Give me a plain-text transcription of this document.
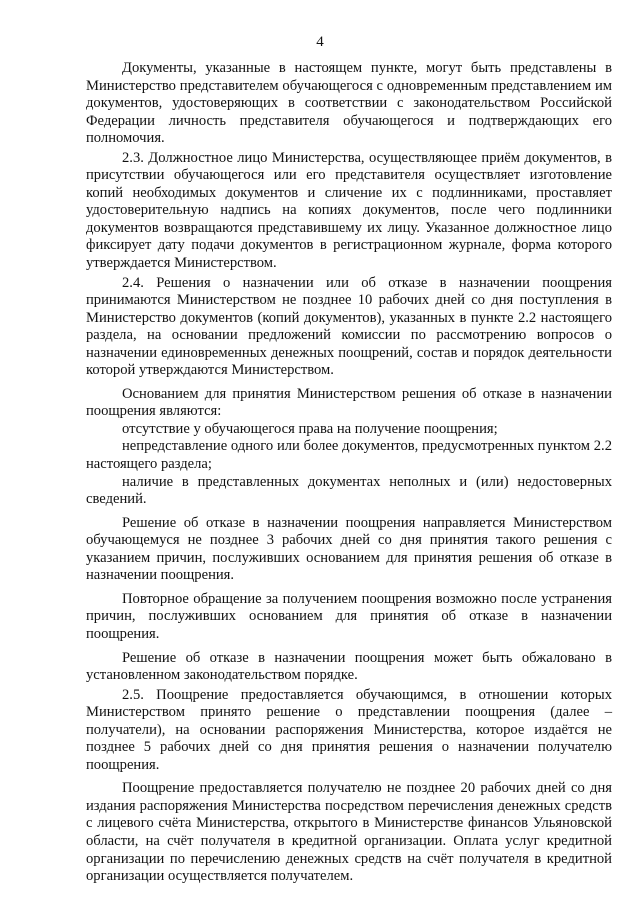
4

Документы, указанные в настоящем пункте, могут быть представлены в Министерство представителем обучающегося с одновременным представлением им документов, удостоверяющих в соответствии с законодательством Российской Федерации личность представителя обучающегося и подтверждающих его полномочия.

2.3. Должностное лицо Министерства, осуществляющее приём документов, в присутствии обучающегося или его представителя осуществляет изготовление копий необходимых документов и сличение их с подлинниками, проставляет удостоверительную надпись на копиях документов, после чего подлинники документов возвращаются представившему их лицу. Указанное должностное лицо фиксирует дату подачи документов в регистрационном журнале, форма которого утверждается Министерством.

2.4. Решения о назначении или об отказе в назначении поощрения принимаются Министерством не позднее 10 рабочих дней со дня поступления в Министерство документов (копий документов), указанных в пункте 2.2 настоящего раздела, на основании предложений комиссии по рассмотрению вопросов о назначении единовременных денежных поощрений, состав и порядок деятельности которой утверждаются Министерством.

Основанием для принятия Министерством решения об отказе в назначении поощрения являются:

отсутствие у обучающегося права на получение поощрения;

непредставление одного или более документов, предусмотренных пунктом 2.2 настоящего раздела;

наличие в представленных документах неполных и (или) недостоверных сведений.

Решение об отказе в назначении поощрения направляется Министерством обучающемуся не позднее 3 рабочих дней со дня принятия такого решения с указанием причин, послуживших основанием для принятия решения об отказе в назначении поощрения.

Повторное обращение за получением поощрения возможно после устранения причин, послуживших основанием для принятия об отказе в назначении поощрения.

Решение об отказе в назначении поощрения может быть обжаловано в установленном законодательством порядке.

2.5. Поощрение предоставляется обучающимся, в отношении которых Министерством принято решение о представлении поощрения (далее – получатели), на основании распоряжения Министерства, которое издаётся не позднее 5 рабочих дней со дня принятия решения о назначении получателю поощрения.

Поощрение предоставляется получателю не позднее 20 рабочих дней со дня издания распоряжения Министерства посредством перечисления денежных средств с лицевого счёта Министерства, открытого в Министерстве финансов Ульяновской области, на счёт получателя в кредитной организации. Оплата услуг кредитной организации по перечислению денежных средств на счёт получателя в кредитной организации осуществляется получателем.
